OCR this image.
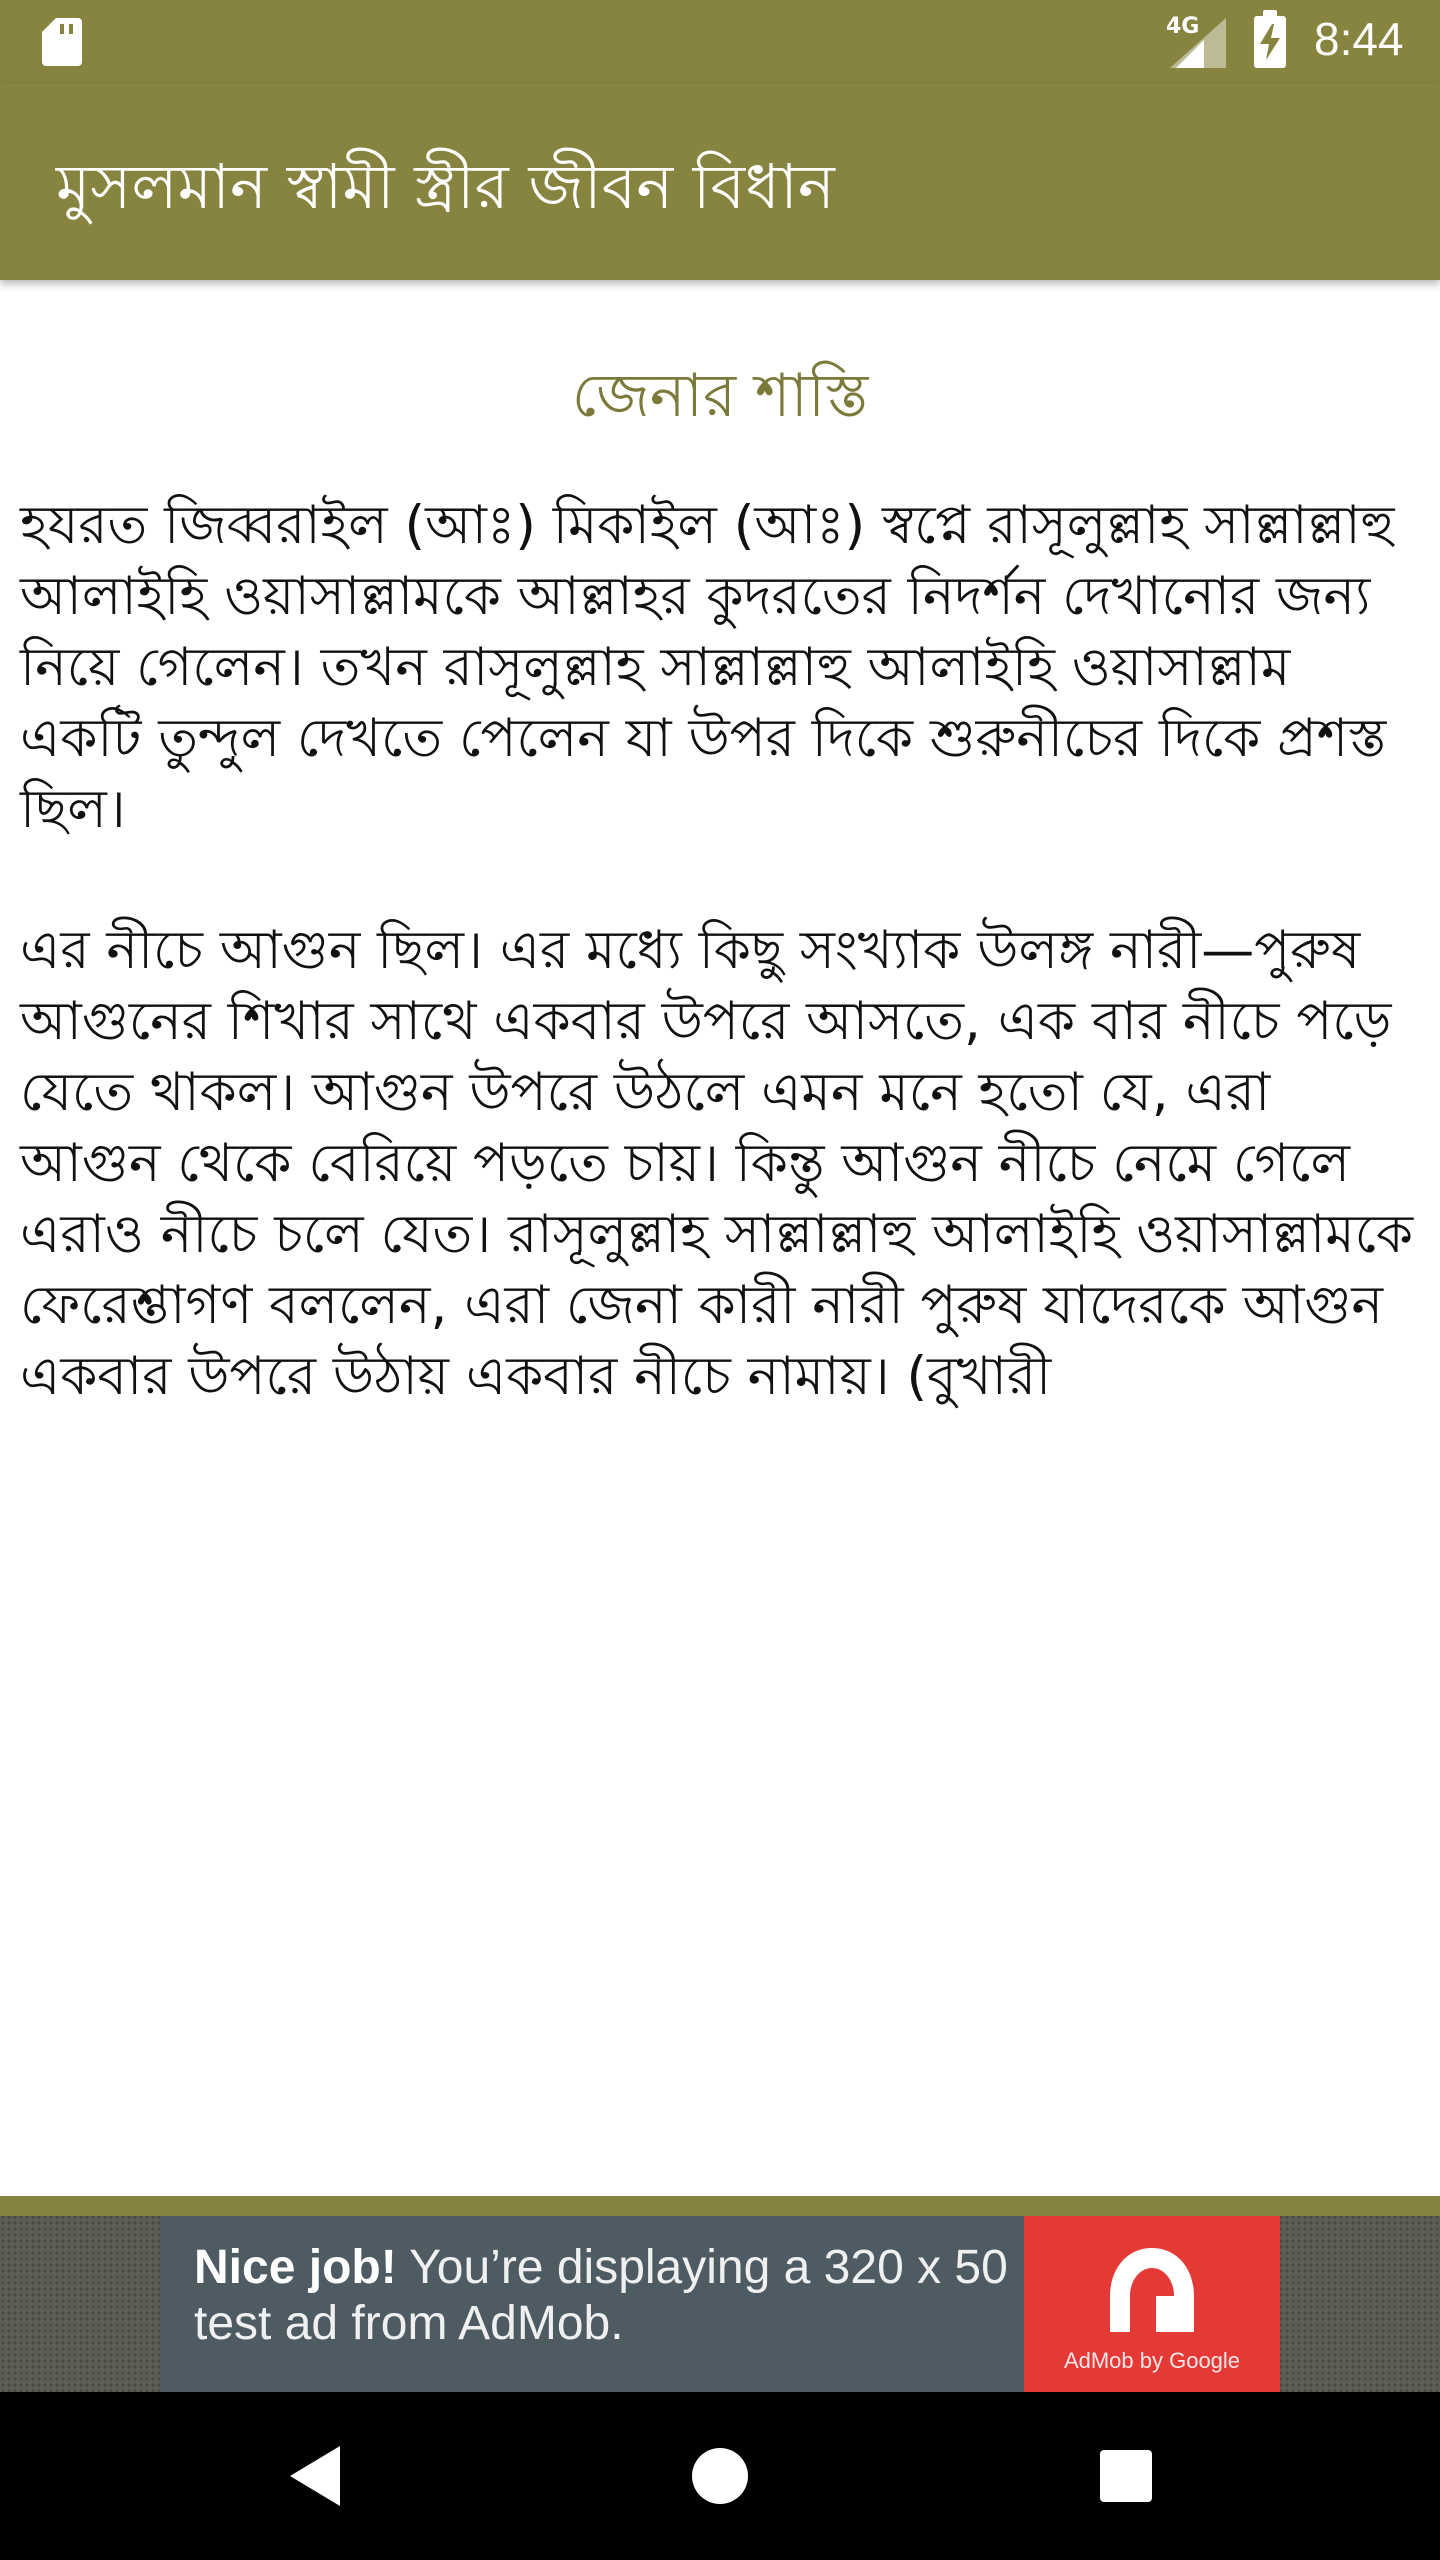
4G 8:44
মুসলমান স্বামী স্ত্রীর জীবন বিধান
জেনার শাস্তি

হযরত জিব্বরাইল (আঃ) মিকাইল (আঃ) স্বপ্নে রাসূলুল্লাহ সাল্লাল্লাহু আলাইহি ওয়াসাল্লামকে আল্লাহর কুদরতের নিদর্শন দেখানোর জন্য নিয়ে গেলেন। তখন রাসূলুল্লাহ সাল্লাল্লাহু আলাইহি ওয়াসাল্লাম একটি তুন্দুল দেখতে পেলেন যা উপর দিকে শুরুনীচের দিকে প্রশস্ত ছিল।

এর নীচে আগুন ছিল। এর মধ্যে কিছু সংখ্যাক উলঙ্গ নারী—পুরুষ আগুনের শিখার সাথে একবার উপরে আসতে, এক বার নীচে পড়ে যেতে থাকল। আগুন উপরে উঠলে এমন মনে হতো যে, এরা আগুন থেকে বেরিয়ে পড়তে চায়। কিন্তু আগুন নীচে নেমে গেলে এরাও নীচে চলে যেত। রাসূলুল্লাহ সাল্লাল্লাহু আলাইহি ওয়াসাল্লামকে ফেরেশ্তাগণ বললেন, এরা জেনা কারী নারী পুরুষ যাদেরকে আগুন একবার উপরে উঠায় একবার নীচে নামায়। (বুখারী

Nice job! You’re displaying a 320 x 50 test ad from AdMob.
AdMob by Google
